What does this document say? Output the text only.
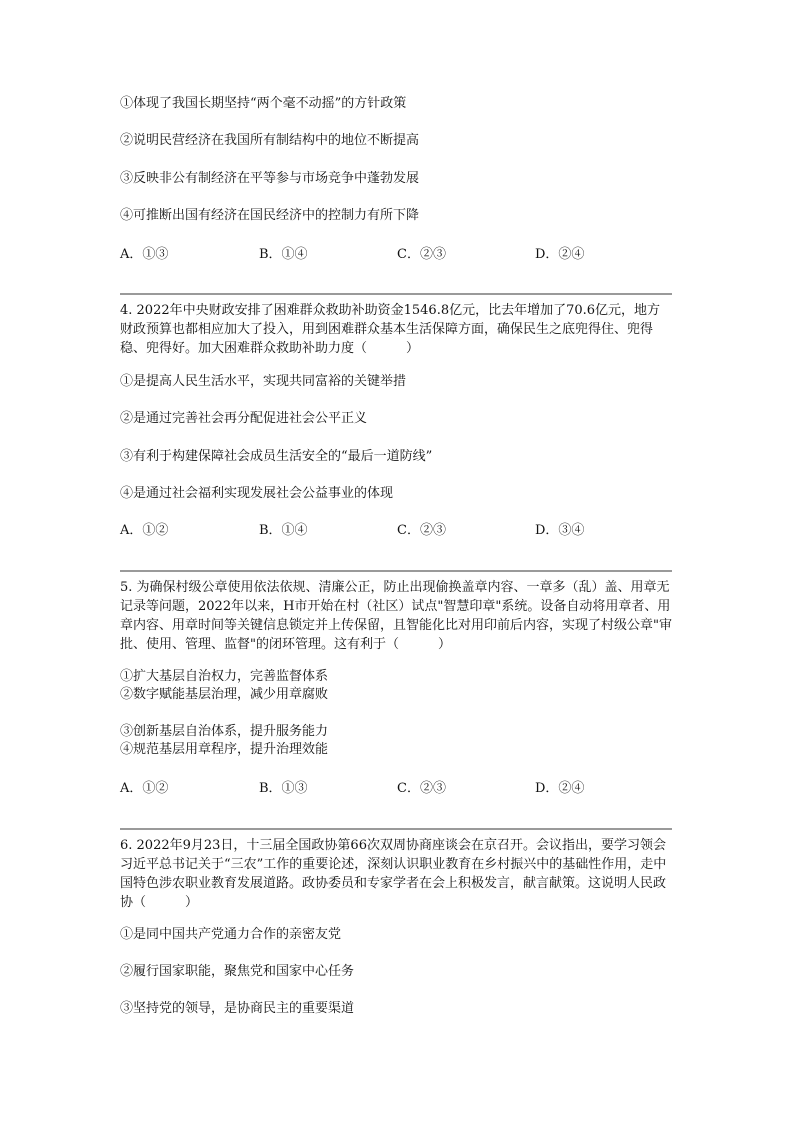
①体现了我国长期坚持“两个毫不动摇”的方针政策
②说明民营经济在我国所有制结构中的地位不断提高
③反映非公有制经济在平等参与市场竞争中蓬勃发展
④可推断出国有经济在国民经济中的控制力有所下降
A．①③	B．①④	C．②③	D．②④
4. 2022年中央财政安排了困难群众救助补助资金1546.8亿元，比去年增加了70.6亿元，地方财政预算也都相应加大了投入，用到困难群众基本生活保障方面，确保民生之底兜得住、兜得稳、兜得好。加大困难群众救助补助力度（　　　）
①是提高人民生活水平，实现共同富裕的关键举措
②是通过完善社会再分配促进社会公平正义
③有利于构建保障社会成员生活安全的“最后一道防线”
④是通过社会福利实现发展社会公益事业的体现
A．①②	B．①④	C．②③	D．③④
5. 为确保村级公章使用依法依规、清廉公正，防止出现偷换盖章内容、一章多（乱）盖、用章无记录等问题，2022年以来，H市开始在村（社区）试点"智慧印章"系统。设备自动将用章者、用章内容、用章时间等关键信息锁定并上传保留，且智能化比对用印前后内容，实现了村级公章"审批、使用、管理、监督"的闭环管理。这有利于（　　　）
①扩大基层自治权力，完善监督体系
②数字赋能基层治理，减少用章腐败
③创新基层自治体系，提升服务能力
④规范基层用章程序，提升治理效能
A．①②	B．①③	C．②③	D．②④
6. 2022年9月23日，十三届全国政协第66次双周协商座谈会在京召开。会议指出，要学习领会习近平总书记关于“三农”工作的重要论述，深刻认识职业教育在乡村振兴中的基础性作用，走中国特色涉农职业教育发展道路。政协委员和专家学者在会上积极发言，献言献策。这说明人民政协（　　　）
①是同中国共产党通力合作的亲密友党
②履行国家职能，聚焦党和国家中心任务
③坚持党的领导，是协商民主的重要渠道
